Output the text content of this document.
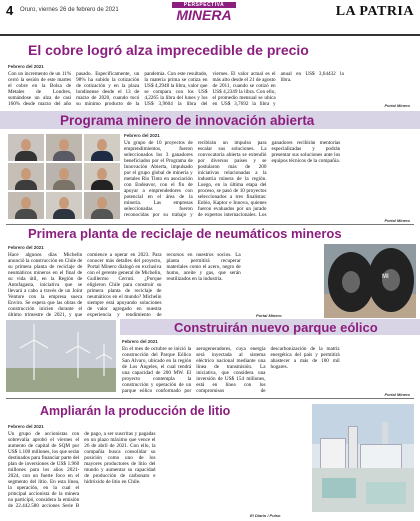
4 Oruro, viernes 26 de febrero de 2021
PERSPECTIVA
MINERA	LA PATRIA
El cobre logró alza imprecedible de precio
Febrero del 2021

Con un incremento de un 11% cerró la sesión de este martes el cobre en la Bolsa de Metales de Londres, sumándose un alza de casi 160% desde marzo del año pasado. Específicamente, un 98% ha subido la cotización de cotización y en la plaza londinense desde el 13 de marzo de 2020, cuando tocó su mínimo producto de la pandemia. Con este resultado, la materia prima se cotiza en US$ 4,2948 la libra, valor que se compara con los US$ 4,2265 la libra del lunes y los US$ 3,9604 la libra del viernes. El valor actual es el más alto desde el 21 de agosto de 2011, cuando se cotizó en US$ 4,2349 la libra. Con ello, el promedio mensual se ubica en US$ 3,7692 la libra y anual en US$ 3,64432 la libra.

Portal Minero
Programa minero de innovación abierta
Febrero del 2021

Un grupo de 10 proyectos de emprendimientos, fueron seleccionados los 3 ganadores beneficiados por el Programa de Innovación Abierta, impulsado por el grupo global de minería y metales Rio Tinto en asociación con Endeavor, con el fin de apoyar a emprendedores con potencial en el área de la minería. Las empresas seleccionadas fueron reconocidas por su trabajo y recibirán un impulso para escalar sus soluciones. La convocatoria abierta se extendió por diversos países y se postularon más de 200 iniciativas relacionadas a la industria minera de la región. Luego, en la última etapa del proceso, se pasó de 10 proyectos seleccionados a tres finalistas: Enbio, Kaptor e Innova, quienes fueron evaluados por un jurado de expertos internacionales. Los ganadores recibirán mentorías especializadas y podrán presentar sus soluciones ante los equipos técnicos de la compañía.

Portal Minero
Primera planta de reciclaje de neumáticos mineros
Febrero del 2021

Hace algunos días Michelin anunció la construcción en Chile de su primera planta de reciclaje de neumáticos mineros en el final de su vida útil, en la Región de Antofagasta, iniciativa que se llevará a cabo a través de un Joint Venture con la empresa sueca Enviro. Se espera que las obras de construcción inicien durante el último trimestre de 2021, y que comience a operar en 2023. Para conocer más detalles del proyecto, Portal Minero dialogó en exclusiva con el gerente general de Michelin, Guillermo Cerruti. ¿Porque eligieron Chile para construir su primera planta de reciclaje de neumáticos en el mundo? Michelin siempre está apoyando soluciones de valor agregado en nuestra experiencia y rendimiento de recursos en nuestros socios. La planta permitirá recuperar materiales como el acero, negro de humo, aceite y gas, que serán reutilizados en la industria.

Portal Minero
MI
Construirán nuevo parque eólico
Febrero del 2021

En el mes de octubre se inició la construcción del Parque Eólico San Alvaro, ubicado en la región de Los Ángeles, el cual tendrá una capacidad de 200 MW. El proyecto contempla la construcción y operación de un parque eólico conformado por aerogeneradores, cuya energía será inyectada al sistema eléctrico nacional mediante una línea de transmisión. La iniciativa, que considera una inversión de US$ 154 millones, está en línea con los compromisos de descarbonización de la matriz energética del país y permitirá abastecer a más de 100 mil hogares.

Portal Minero
Ampliarán la producción de litio
Febrero del 2021

Un grupo de accionistas con sobrevalía aprobó el viernes el aumento de capital de SQM por US$ 1.100 millones, los que serán destinados para financiar parte del plan de inversiones de US$ 1.960 millones para los años 2021-2024, con un fuerte foco en el segmento del litio. En esta línea, la operación, en la cual el principal accionista de la minera no participó, considera la emisión de 22.442.580 acciones Serie B de pago, a ser suscritas y pagadas en un plazo máximo que vence el 26 de abril de 2021. Con ello, la compañía busca consolidar su posición como uno de los mayores productores de litio del mundo y aumentar su capacidad de producción de carbonato e hidróxido de litio en Chile.

El Diario / Pulso
